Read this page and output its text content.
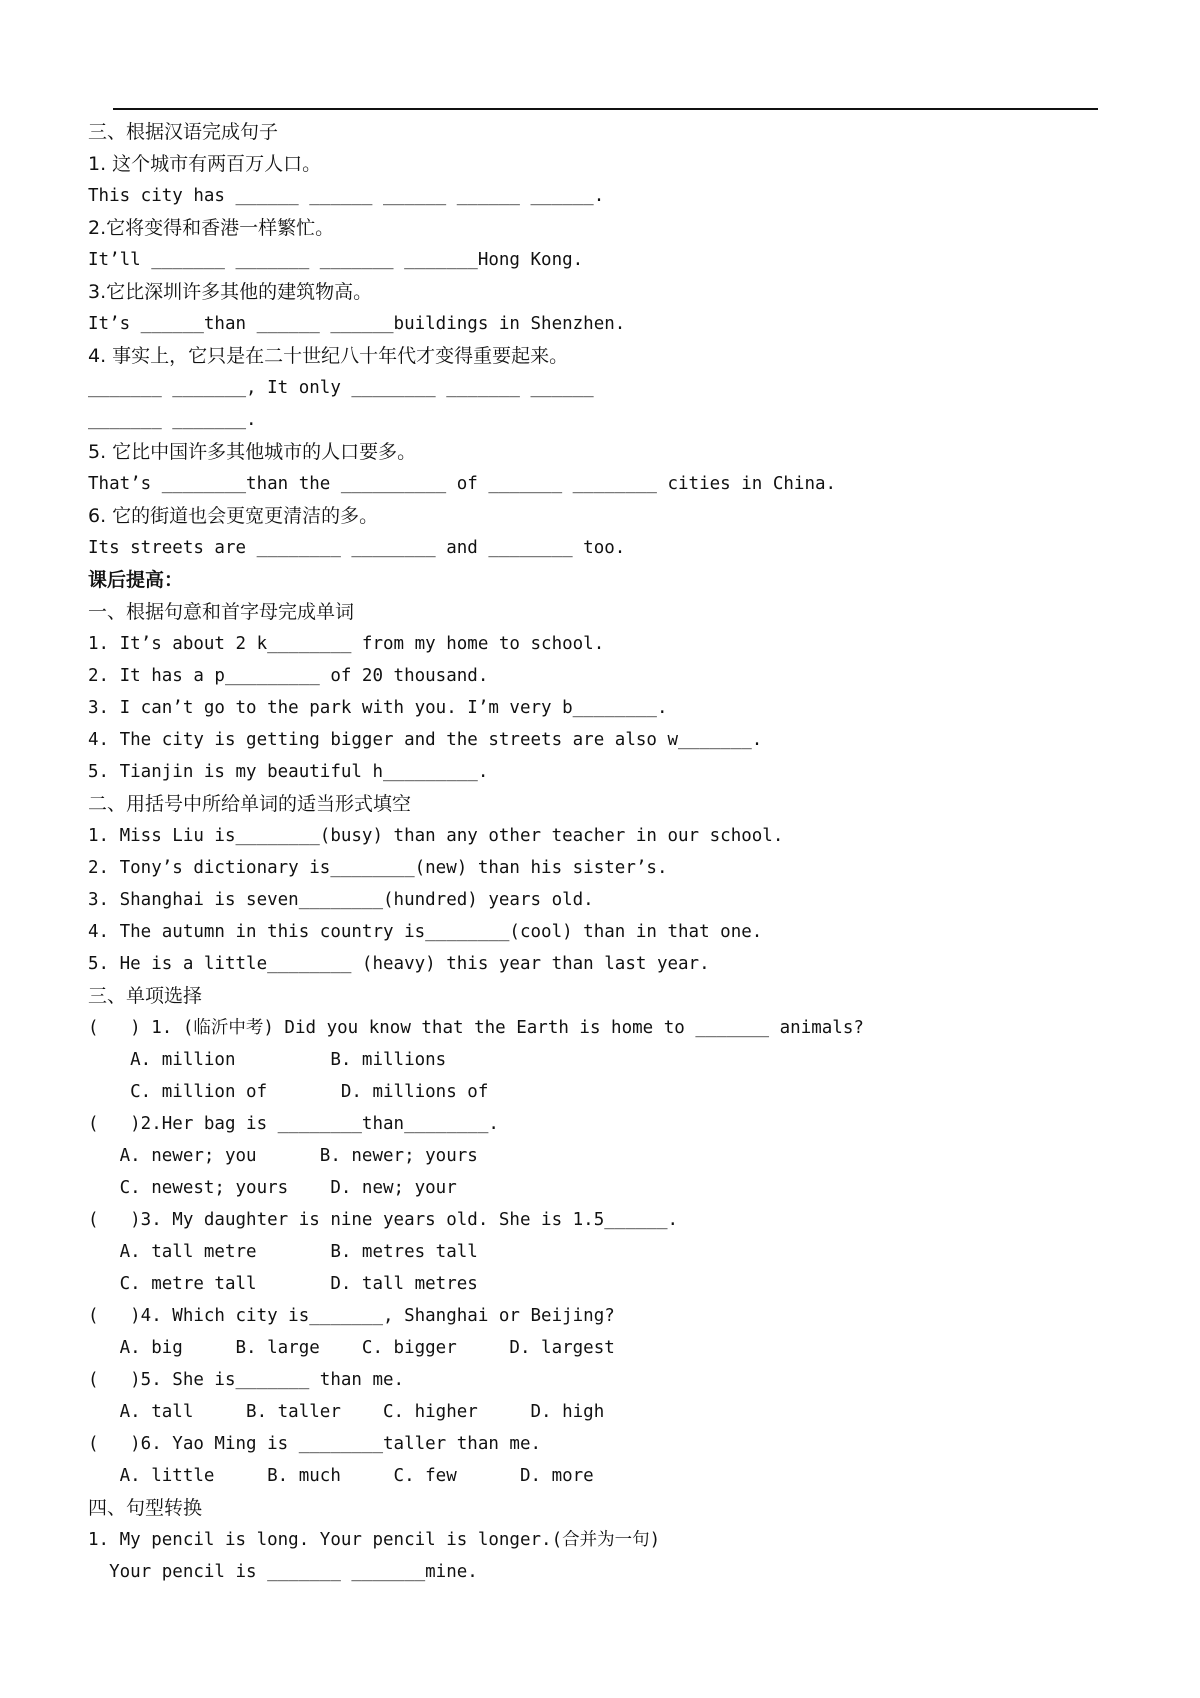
三、根据汉语完成句子
1. 这个城市有两百万人口。
This city has ______ ______ ______ ______ ______.
2.它将变得和香港一样繁忙。
It’ll _______ _______ _______ _______Hong Kong.
3.它比深圳许多其他的建筑物高。
It’s ______than ______ ______buildings in Shenzhen.
4. 事实上，它只是在二十世纪八十年代才变得重要起来。
_______ _______, It only ________ _______ ______
_______ _______.
5. 它比中国许多其他城市的人口要多。
That’s ________than the __________ of _______ ________ cities in China.
6. 它的街道也会更宽更清洁的多。
Its streets are ________ ________ and ________ too.
课后提高：
一、根据句意和首字母完成单词
1. It’s about 2 k________ from my home to school.
2. It has a p_________ of 20 thousand.
3. I can’t go to the park with you. I’m very b________.
4. The city is getting bigger and the streets are also w_______.
5. Tianjin is my beautiful h_________.
二、用括号中所给单词的适当形式填空
1. Miss Liu is________(busy) than any other teacher in our school.
2. Tony’s dictionary is________(new) than his sister’s.
3. Shanghai is seven________(hundred) years old.
4. The autumn in this country is________(cool) than in that one.
5. He is a little________ (heavy) this year than last year.
三、单项选择
(   ) 1. (临沂中考) Did you know that the Earth is home to _______ animals?
A. million         B. millions
C. million of       D. millions of
(   )2.Her bag is ________than________.
A. newer; you      B. newer; yours
C. newest; yours    D. new; your
(   )3. My daughter is nine years old. She is 1.5______.
A. tall metre       B. metres tall
C. metre tall       D. tall metres
(   )4. Which city is_______, Shanghai or Beijing?
A. big     B. large    C. bigger     D. largest
(   )5. She is_______ than me.
A. tall     B. taller    C. higher     D. high
(   )6. Yao Ming is ________taller than me.
A. little     B. much     C. few      D. more
四、句型转换
1. My pencil is long. Your pencil is longer.(合并为一句)
Your pencil is _______ _______mine.
